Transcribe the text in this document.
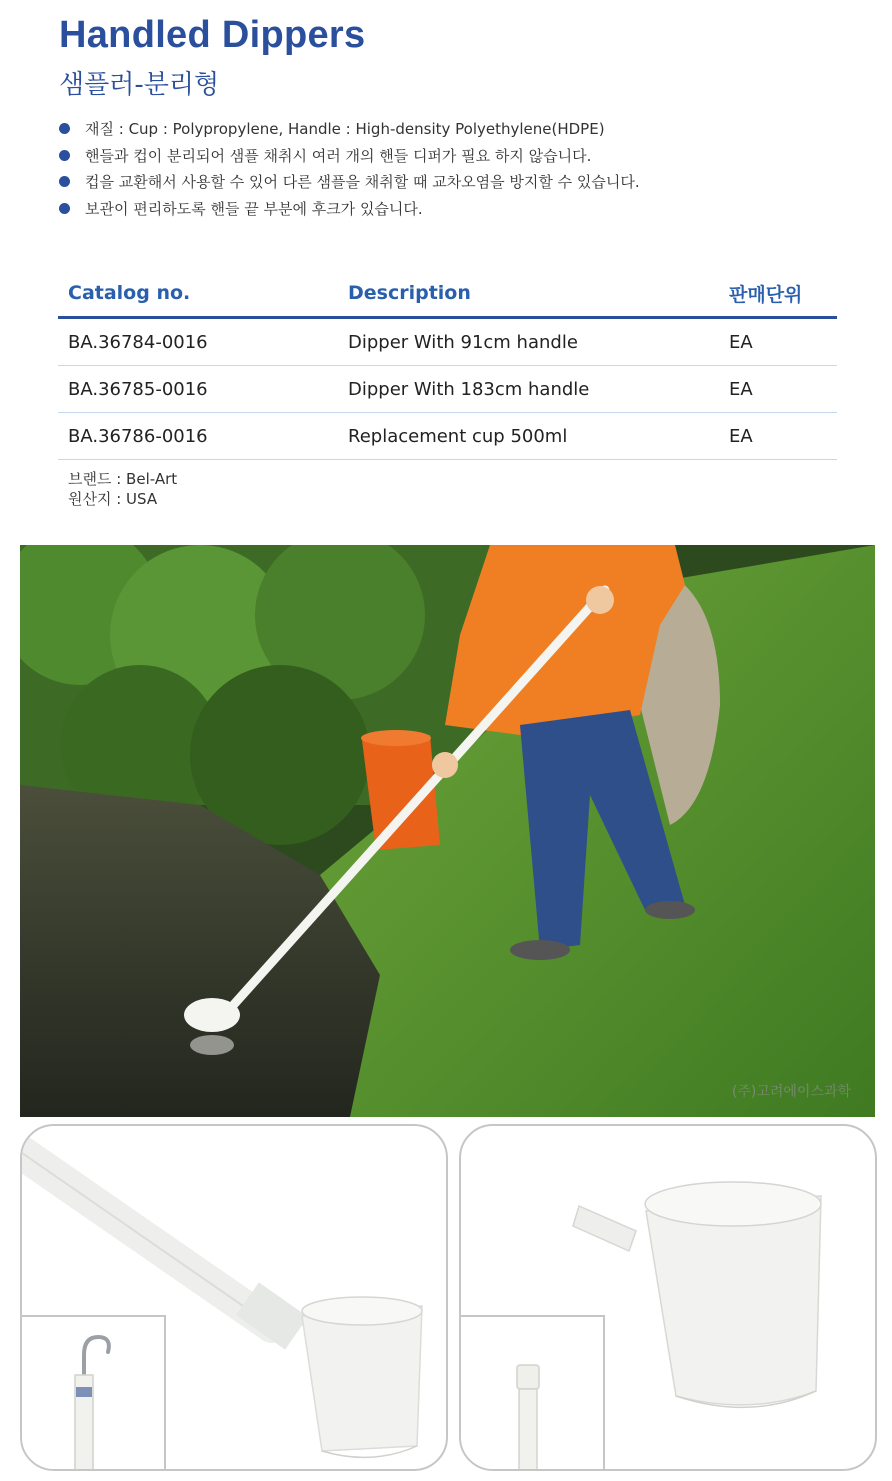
Handled Dippers
샘플러-분리형
재질 : Cup : Polypropylene, Handle : High-density Polyethylene(HDPE)
핸들과 컵이 분리되어 샘플 채취시 여러 개의 핸들 디퍼가 필요 하지 않습니다.
컵을 교환해서 사용할 수 있어 다른 샘플을 채취할 때 교차오염을 방지할 수 있습니다.
보관이 편리하도록 핸들 끝 부분에 후크가 있습니다.
Catalog no.	Description	판매단위
BA.36784-0016	Dipper With 91cm handle	EA
BA.36785-0016	Dipper With 183cm handle	EA
BA.36786-0016	Replacement cup 500ml	EA
브랜드 : Bel-Art
원산지 : USA
(주)고려에이스과학
